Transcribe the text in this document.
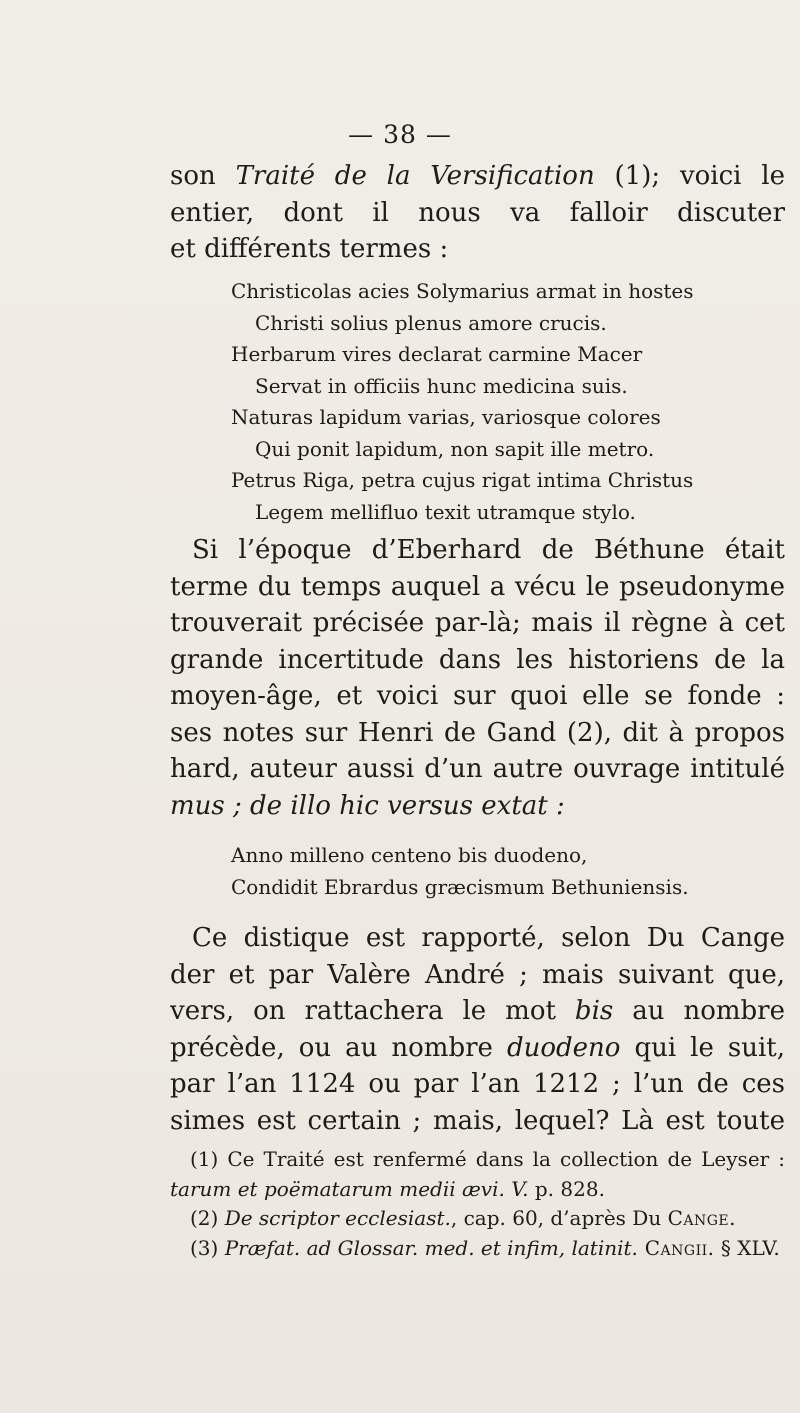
— 38 —
son Traité de la Versification (1); voici le
entier, dont il nous va falloir discuter
et différents termes :
Christicolas acies Solymarius armat in hostes
Christi solius plenus amore crucis.
Herbarum vires declarat carmine Macer
Servat in officiis hunc medicina suis.
Naturas lapidum varias, variosque colores
Qui ponit lapidum, non sapit ille metro.
Petrus Riga, petra cujus rigat intima Christus
Legem mellifluo texit utramque stylo.
Si l’époque d’Eberhard de Béthune était
terme du temps auquel a vécu le pseudonyme
trouverait précisée par-là; mais il règne à cet
grande incertitude dans les historiens de la
moyen-âge, et voici sur quoi elle se fonde :
ses notes sur Henri de Gand (2), dit à propos
hard, auteur aussi d’un autre ouvrage intitulé
mus ; de illo hic versus extat :
Anno milleno centeno bis duodeno,
Condidit Ebrardus græcismum Bethuniensis.
Ce distique est rapporté, selon Du Cange
der et par Valère André ; mais suivant que,
vers, on rattachera le mot bis au nombre
précède, ou au nombre duodeno qui le suit,
par l’an 1124 ou par l’an 1212 ; l’un de ces
simes est certain ; mais, lequel? Là est toute
(1) Ce Traité est renfermé dans la collection de Leyser :
tarum et poëmatarum medii ævi. V. p. 828.
(2) De scriptor ecclesiast., cap. 60, d’après Du Cange.
(3) Præfat. ad Glossar. med. et infim, latinit. Cangii. § XLV.
